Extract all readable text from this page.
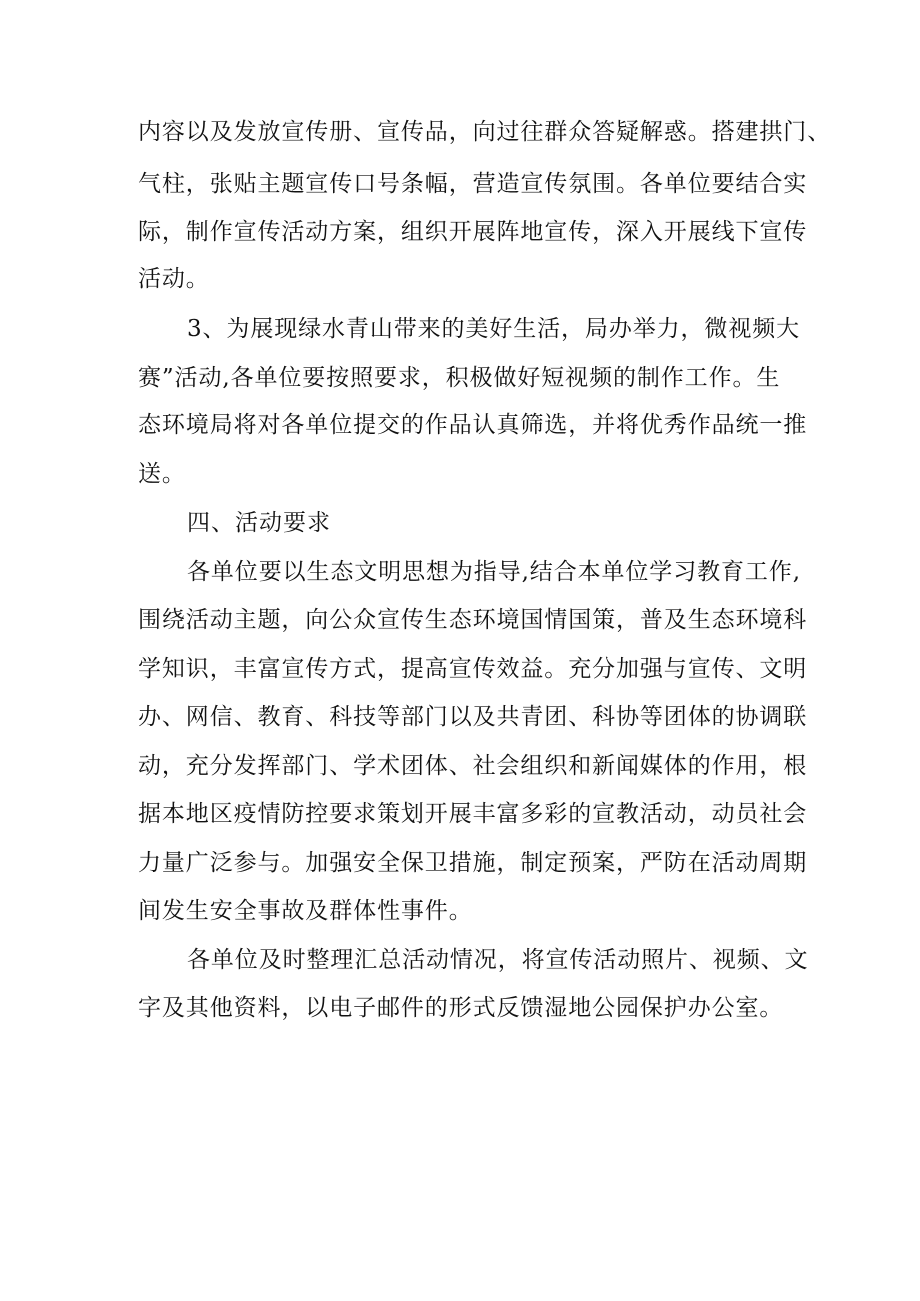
内容以及发放宣传册、宣传品，向过往群众答疑解惑。搭建拱门、
气柱，张贴主题宣传口号条幅，营造宣传氛围。各单位要结合实
际，制作宣传活动方案，组织开展阵地宣传，深入开展线下宣传
活动。
3、为展现绿水青山带来的美好生活，局办举力，微视频大
赛”活动,各单位要按照要求，积极做好短视频的制作工作。生
态环境局将对各单位提交的作品认真筛选，并将优秀作品统一推
送。
四、活动要求
各单位要以生态文明思想为指导,结合本单位学习教育工作,
围绕活动主题，向公众宣传生态环境国情国策，普及生态环境科
学知识，丰富宣传方式，提高宣传效益。充分加强与宣传、文明
办、网信、教育、科技等部门以及共青团、科协等团体的协调联
动，充分发挥部门、学术团体、社会组织和新闻媒体的作用，根
据本地区疫情防控要求策划开展丰富多彩的宣教活动，动员社会
力量广泛参与。加强安全保卫措施，制定预案，严防在活动周期
间发生安全事故及群体性事件。
各单位及时整理汇总活动情况，将宣传活动照片、视频、文
字及其他资料，以电子邮件的形式反馈湿地公园保护办公室。
